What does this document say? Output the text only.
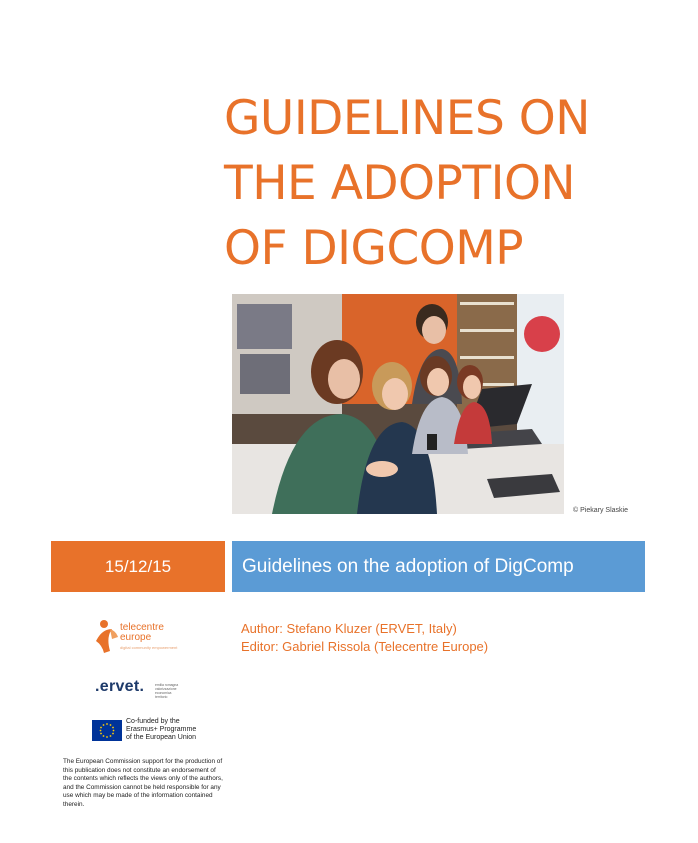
GUIDELINES ON
THE ADOPTION
OF DIGCOMP
© Piekary Slaskie
15/12/15	Guidelines on the adoption of DigComp
Author: Stefano Kluzer (ERVET, Italy)
Editor: Gabriel Rissola (Telecentre Europe)
telecentre
europe
digital community empowerment
.ervet.	emilia romagna valorizzazione economica territorio
Co-funded by the
Erasmus+ Programme
of the European Union
The European Commission support for the production of this publication does not constitute an endorsement of the contents which reflects the views only of the authors, and the Commission cannot be held responsible for any use which may be made of the information contained therein.
